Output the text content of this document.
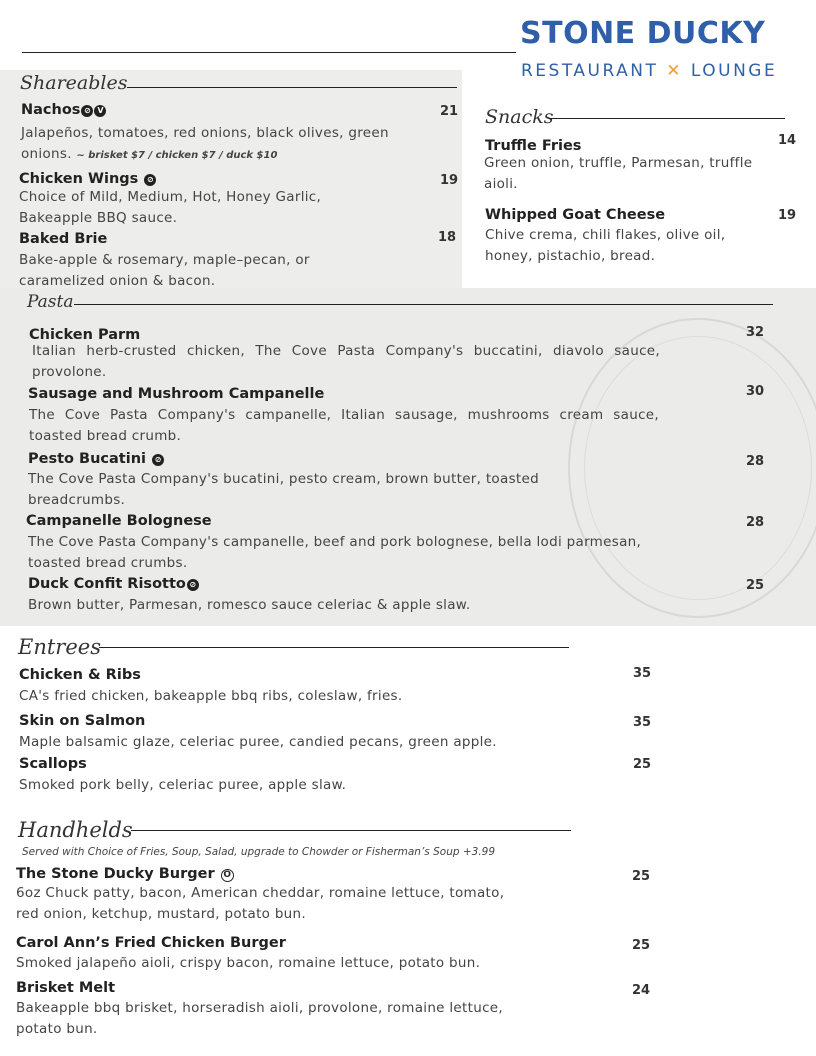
STONE DUCKY
RESTAURANT ✕ LOUNGE
Shareables
Nachos ⊘ V	21
Jalapeños, tomatoes, red onions, black olives, green onions. ~ brisket $7 / chicken $7 / duck $10
Chicken Wings ⊘	19
Choice of Mild, Medium, Hot, Honey Garlic, Bakeapple BBQ sauce.
Baked Brie	18
Bake-apple & rosemary, maple–pecan, or caramelized onion & bacon.
Snacks
Truffle Fries	14
Green onion, truffle, Parmesan, truffle aioli.
Whipped Goat Cheese	19
Chive crema, chili flakes, olive oil, honey, pistachio, bread.
Pasta
Chicken Parm	32
Italian herb-crusted chicken, The Cove Pasta Company's buccatini, diavolo sauce, provolone.
Sausage and Mushroom Campanelle	30
The Cove Pasta Company's campanelle, Italian sausage, mushrooms cream sauce, toasted bread crumb.
Pesto Bucatini ⊘	28
The Cove Pasta Company's bucatini, pesto cream, brown butter, toasted breadcrumbs.
Campanelle Bolognese	28
The Cove Pasta Company's campanelle, beef and pork bolognese, bella lodi parmesan, toasted bread crumbs.
Duck Confit Risotto ⊘	25
Brown butter, Parmesan, romesco sauce celeriac & apple slaw.
Entrees
Chicken & Ribs	35
CA's fried chicken, bakeapple bbq ribs, coleslaw, fries.
Skin on Salmon	35
Maple balsamic glaze, celeriac puree, candied pecans, green apple.
Scallops	25
Smoked pork belly, celeriac puree, apple slaw.
Handhelds
Served with Choice of Fries, Soup, Salad, upgrade to Chowder or Fisherman’s Soup +3.99
The Stone Ducky Burger O	25
6oz Chuck patty, bacon, American cheddar, romaine lettuce, tomato, red onion, ketchup, mustard, potato bun.
Carol Ann’s Fried Chicken Burger	25
Smoked jalapeño aioli, crispy bacon, romaine lettuce, potato bun.
Brisket Melt	24
Bakeapple bbq brisket, horseradish aioli, provolone, romaine lettuce, potato bun.
